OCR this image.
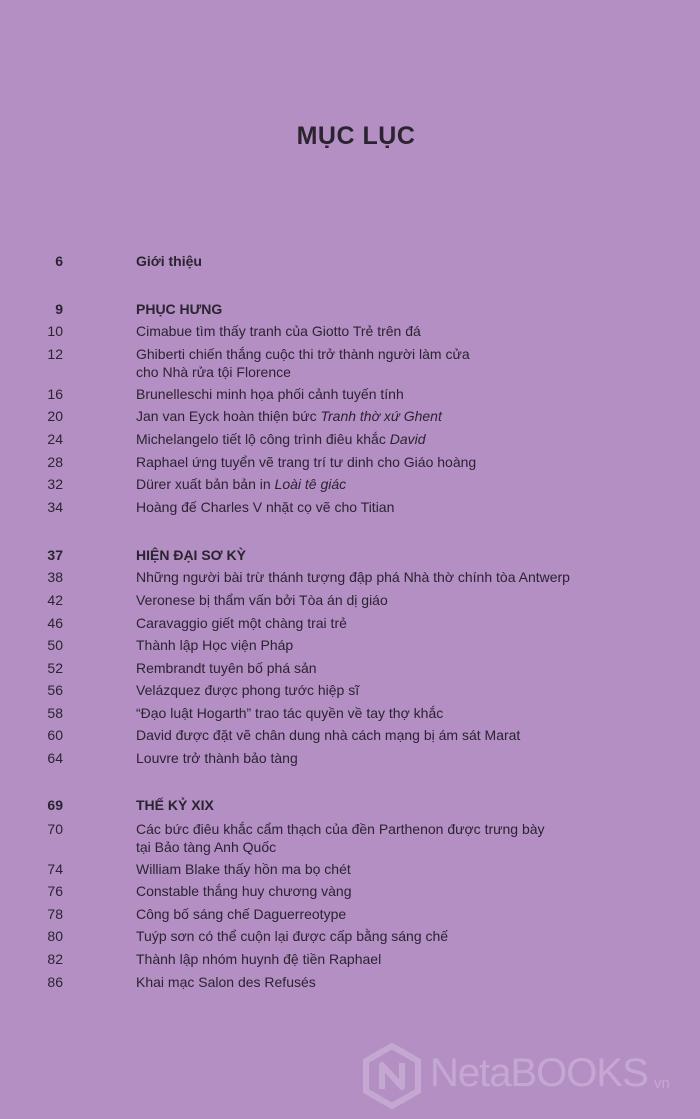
MỤC LỤC
6	Giới thiệu
9	PHỤC HƯNG
10	Cimabue tìm thấy tranh của Giotto Trẻ trên đá
12	Ghiberti chiến thắng cuộc thi trở thành người làm cửa
cho Nhà rửa tội Florence
16	Brunelleschi minh họa phối cảnh tuyến tính
20	Jan van Eyck hoàn thiện bức Tranh thờ xứ Ghent
24	Michelangelo tiết lộ công trình điêu khắc David
28	Raphael ứng tuyển vẽ trang trí tư dinh cho Giáo hoàng
32	Dürer xuất bản bản in Loài tê giác
34	Hoàng đế Charles V nhặt cọ vẽ cho Titian
37	HIỆN ĐẠI SƠ KỲ
38	Những người bài trừ thánh tượng đập phá Nhà thờ chính tòa Antwerp
42	Veronese bị thẩm vấn bởi Tòa án dị giáo
46	Caravaggio giết một chàng trai trẻ
50	Thành lập Học viện Pháp
52	Rembrandt tuyên bố phá sản
56	Velázquez được phong tước hiệp sĩ
58	“Đạo luật Hogarth” trao tác quyền về tay thợ khắc
60	David được đặt vẽ chân dung nhà cách mạng bị ám sát Marat
64	Louvre trở thành bảo tàng
69	THẾ KỶ XIX
70	Các bức điêu khắc cẩm thạch của đền Parthenon được trưng bày
tại Bảo tàng Anh Quốc
74	William Blake thấy hồn ma bọ chét
76	Constable thắng huy chương vàng
78	Công bố sáng chế Daguerreotype
80	Tuýp sơn có thể cuộn lại được cấp bằng sáng chế
82	Thành lập nhóm huynh đệ tiền Raphael
86	Khai mạc Salon des Refusés
NetaBOOKS vn
